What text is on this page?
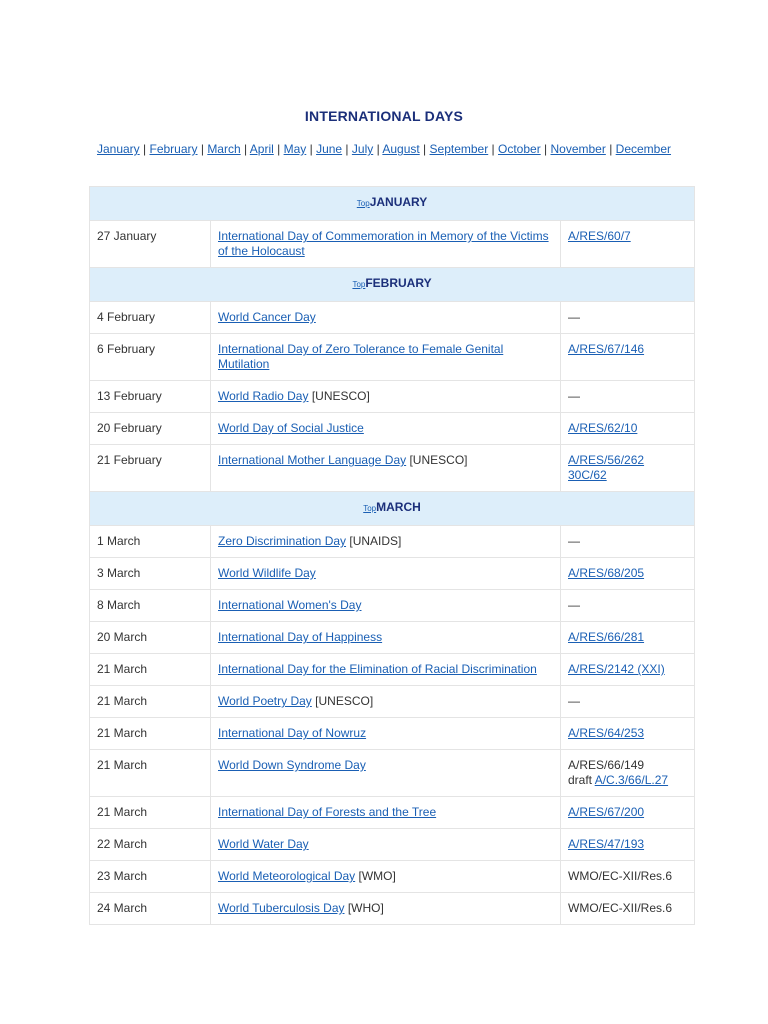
INTERNATIONAL DAYS
January | February | March | April | May | June | July | August | September | October | November | December
TopJANUARY		
27 January	International Day of Commemoration in Memory of the Victims of the Holocaust	A/RES/60/7
TopFEBRUARY		
4 February	World Cancer Day	—
6 February	International Day of Zero Tolerance to Female Genital Mutilation	A/RES/67/146
13 February	World Radio Day [UNESCO]	—
20 February	World Day of Social Justice	A/RES/62/10
21 February	International Mother Language Day [UNESCO]	A/RES/56/262
30C/62
TopMARCH		
1 March	Zero Discrimination Day [UNAIDS]	—
3 March	World Wildlife Day	A/RES/68/205
8 March	International Women's Day	—
20 March	International Day of Happiness	A/RES/66/281
21 March	International Day for the Elimination of Racial Discrimination	A/RES/2142 (XXI)
21 March	World Poetry Day [UNESCO]	—
21 March	International Day of Nowruz	A/RES/64/253
21 March	World Down Syndrome Day	A/RES/66/149
draft A/C.3/66/L.27
21 March	International Day of Forests and the Tree	A/RES/67/200
22 March	World Water Day	A/RES/47/193
23 March	World Meteorological Day [WMO]	WMO/EC-XII/Res.6
24 March	World Tuberculosis Day [WHO]	WMO/EC-XII/Res.6
